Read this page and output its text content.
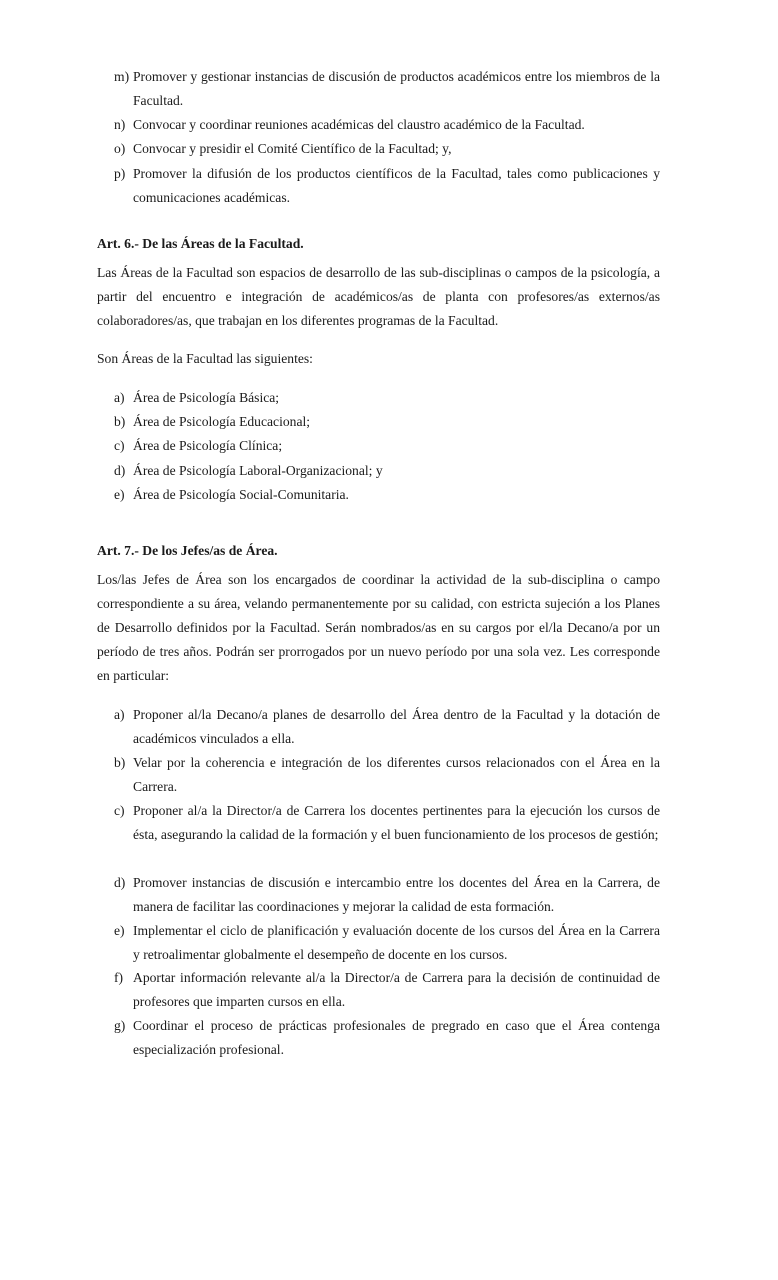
m) Promover y gestionar instancias de discusión de productos académicos entre los miembros de la Facultad.
n) Convocar y coordinar reuniones académicas del claustro académico de la Facultad.
o) Convocar y presidir el Comité Científico de la Facultad; y,
p) Promover la difusión de los productos científicos de la Facultad, tales como publicaciones y comunicaciones académicas.
Art. 6.- De las Áreas de la Facultad.
Las Áreas de la Facultad son espacios de desarrollo de las sub-disciplinas o campos de la psicología, a partir del encuentro e integración de académicos/as de planta con profesores/as externos/as colaboradores/as, que trabajan en los diferentes programas de la Facultad.
Son Áreas de la Facultad las siguientes:
a) Área de Psicología Básica;
b) Área de Psicología Educacional;
c) Área de Psicología Clínica;
d) Área de Psicología Laboral-Organizacional; y
e) Área de Psicología Social-Comunitaria.
Art. 7.- De los Jefes/as de Área.
Los/las Jefes de Área son los encargados de coordinar la actividad de la sub-disciplina o campo correspondiente a su área, velando permanentemente por su calidad, con estricta sujeción a los Planes de Desarrollo definidos por la Facultad. Serán nombrados/as en su cargos por el/la Decano/a por un período de tres años. Podrán ser prorrogados por un nuevo período por una sola vez. Les corresponde en particular:
a) Proponer al/la Decano/a planes de desarrollo del Área dentro de la Facultad y la dotación de académicos vinculados a ella.
b) Velar por la coherencia e integración de los diferentes cursos relacionados con el Área en la Carrera.
c) Proponer al/a la Director/a de Carrera los docentes pertinentes para la ejecución los cursos de ésta, asegurando la calidad de la formación y el buen funcionamiento de los procesos de gestión;
d) Promover instancias de discusión e intercambio entre los docentes del Área en la Carrera, de manera de facilitar las coordinaciones y mejorar la calidad de esta formación.
e) Implementar el ciclo de planificación y evaluación docente de los cursos del Área en la Carrera y retroalimentar globalmente el desempeño de docente en los cursos.
f) Aportar información relevante al/a la Director/a de Carrera para la decisión de continuidad de profesores que imparten cursos en ella.
g) Coordinar el proceso de prácticas profesionales de pregrado en caso que el Área contenga especialización profesional.
